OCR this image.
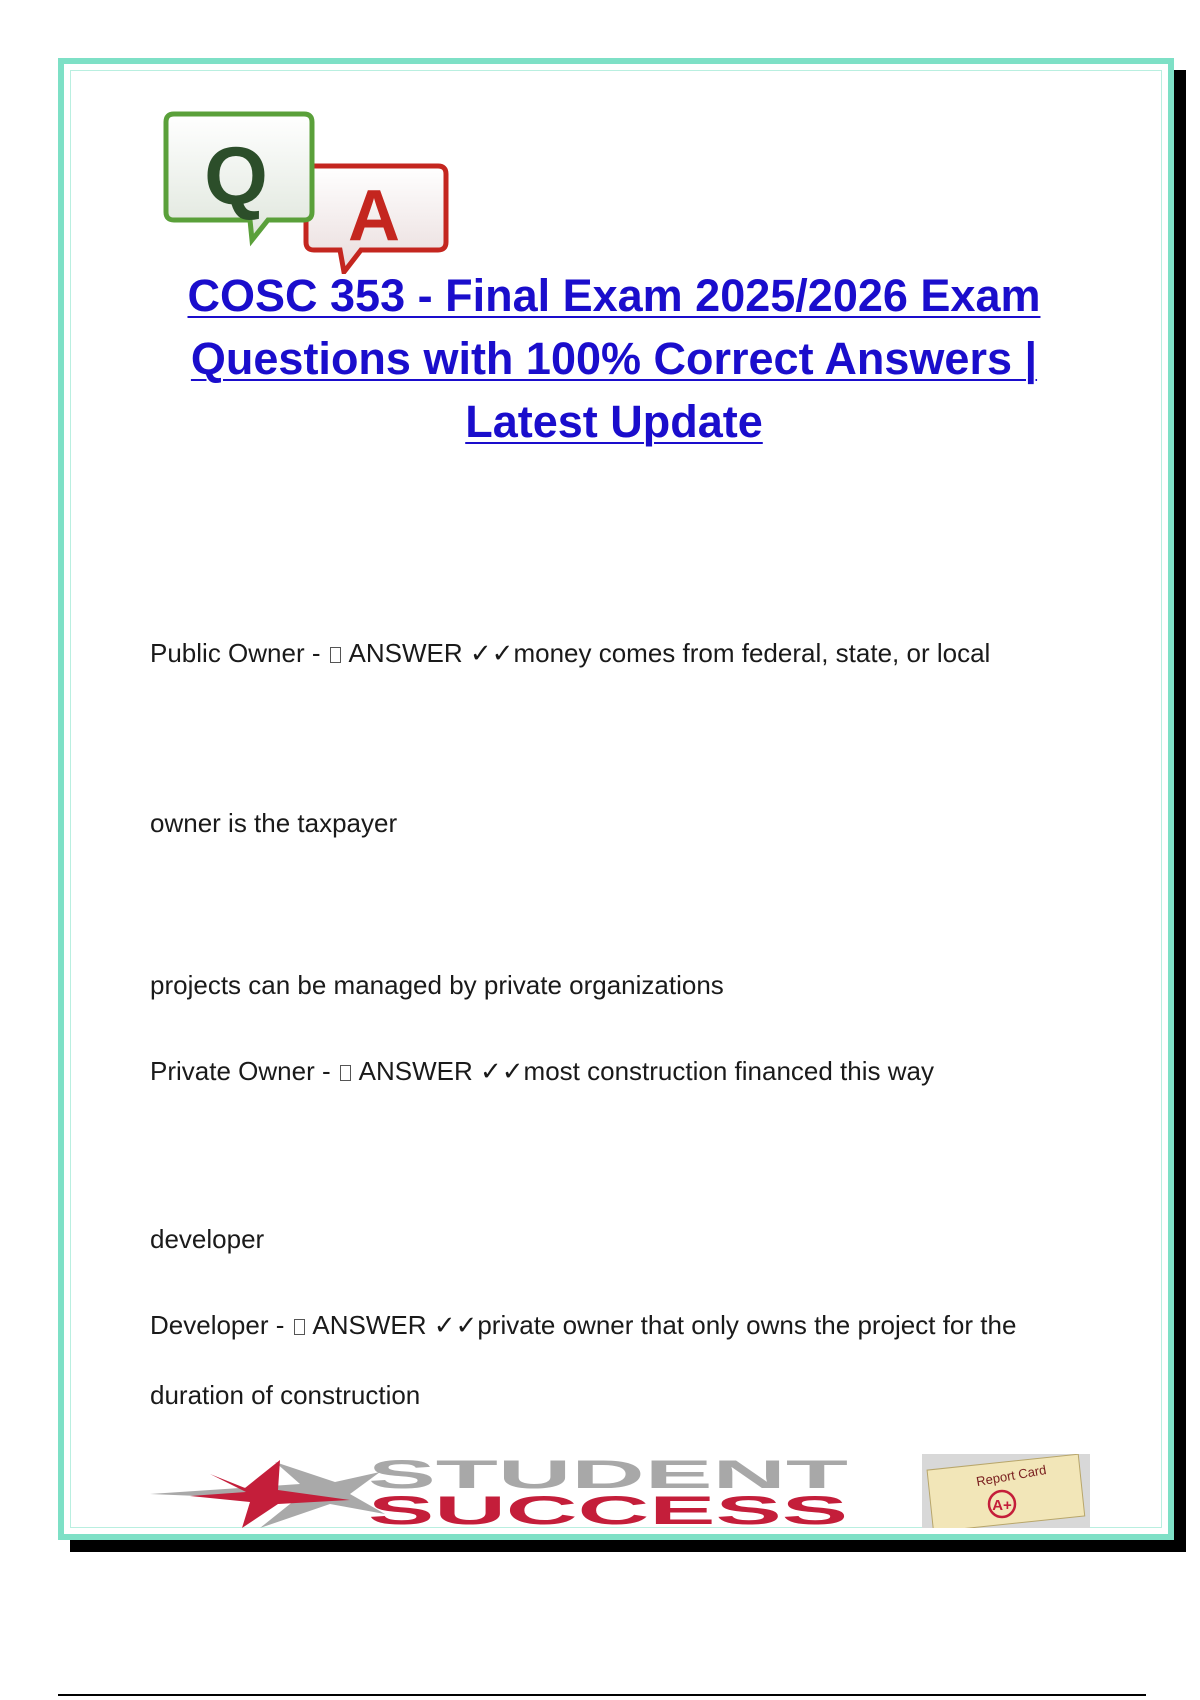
A
Q
COSC 353 - Final Exam 2025/2026 Exam Questions with 100% Correct Answers | Latest Update
Public Owner -  ANSWER ✓✓money comes from federal, state, or local
owner is the taxpayer
projects can be managed by private organizations
Private Owner -  ANSWER ✓✓most construction financed this way
developer
Developer -  ANSWER ✓✓private owner that only owns the project for the
duration of construction
STUDENT
SUCCESS
Report Card
A+
